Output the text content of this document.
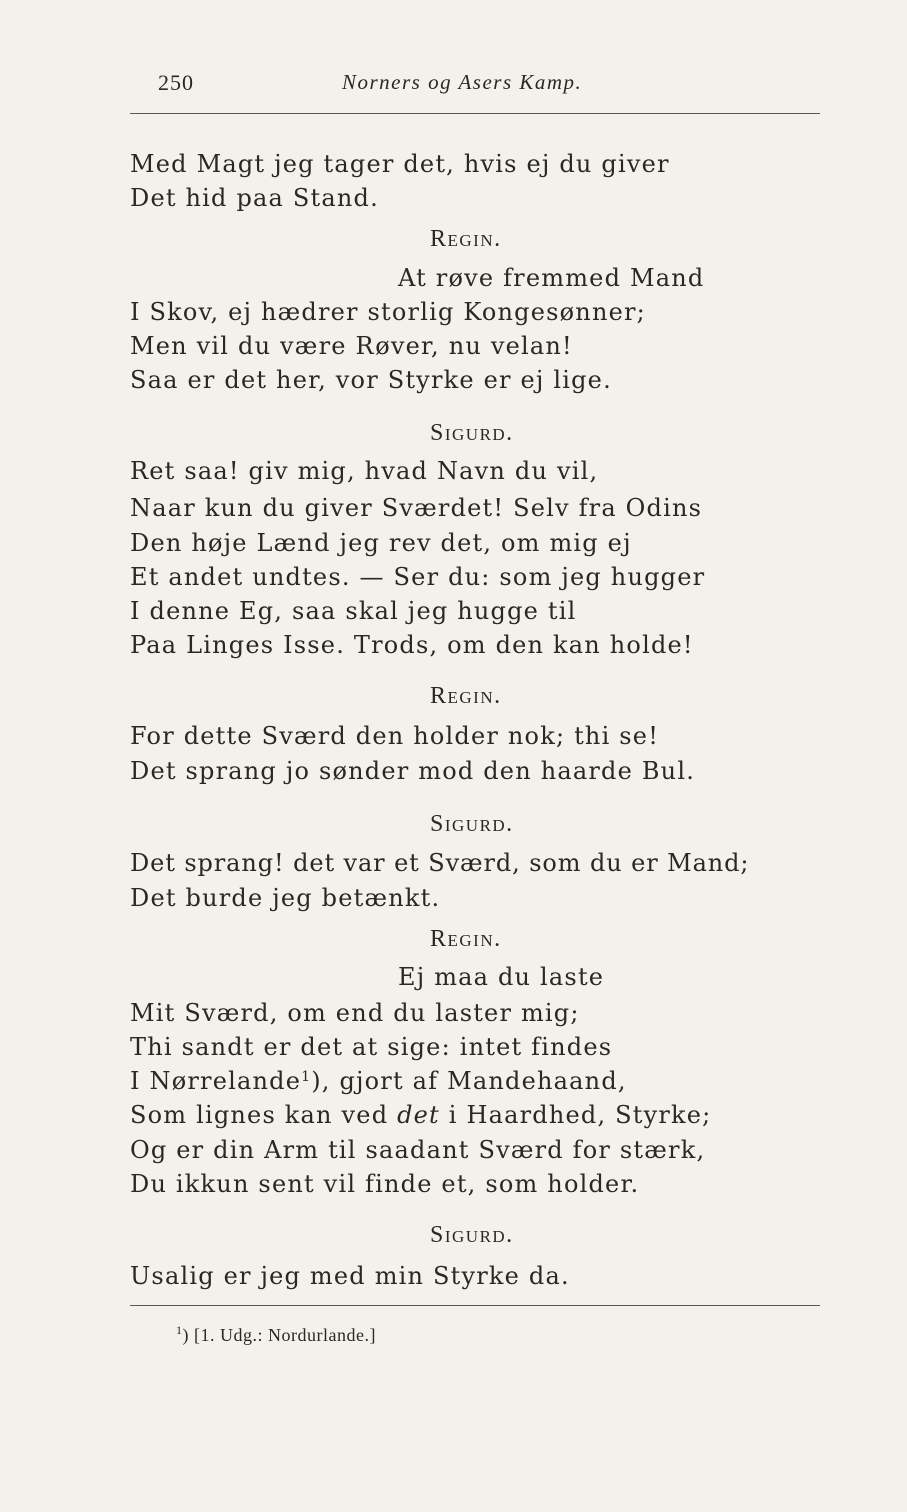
250	Norners og Asers Kamp.
Med Magt jeg tager det, hvis ej du giver
Det hid paa Stand.
Regin.
At røve fremmed Mand
I Skov, ej hædrer storlig Kongesønner;
Men vil du være Røver, nu velan!
Saa er det her, vor Styrke er ej lige.
Sigurd.
Ret saa! giv mig, hvad Navn du vil,
Naar kun du giver Sværdet! Selv fra Odins
Den høje Lænd jeg rev det, om mig ej
Et andet undtes. — Ser du: som jeg hugger
I denne Eg, saa skal jeg hugge til
Paa Linges Isse. Trods, om den kan holde!
Regin.
For dette Sværd den holder nok; thi se!
Det sprang jo sønder mod den haarde Bul.
Sigurd.
Det sprang! det var et Sværd, som du er Mand;
Det burde jeg betænkt.
Regin.
Ej maa du laste
Mit Sværd, om end du laster mig;
Thi sandt er det at sige: intet findes
I Nørrelande$^1$), gjort af Mandehaand,
Som lignes kan ved det i Haardhed, Styrke;
Og er din Arm til saadant Sværd for stærk,
Du ikkun sent vil finde et, som holder.
Sigurd.
Usalig er jeg med min Styrke da.
$^1$) [1. Udg.: Nordurlande.]
